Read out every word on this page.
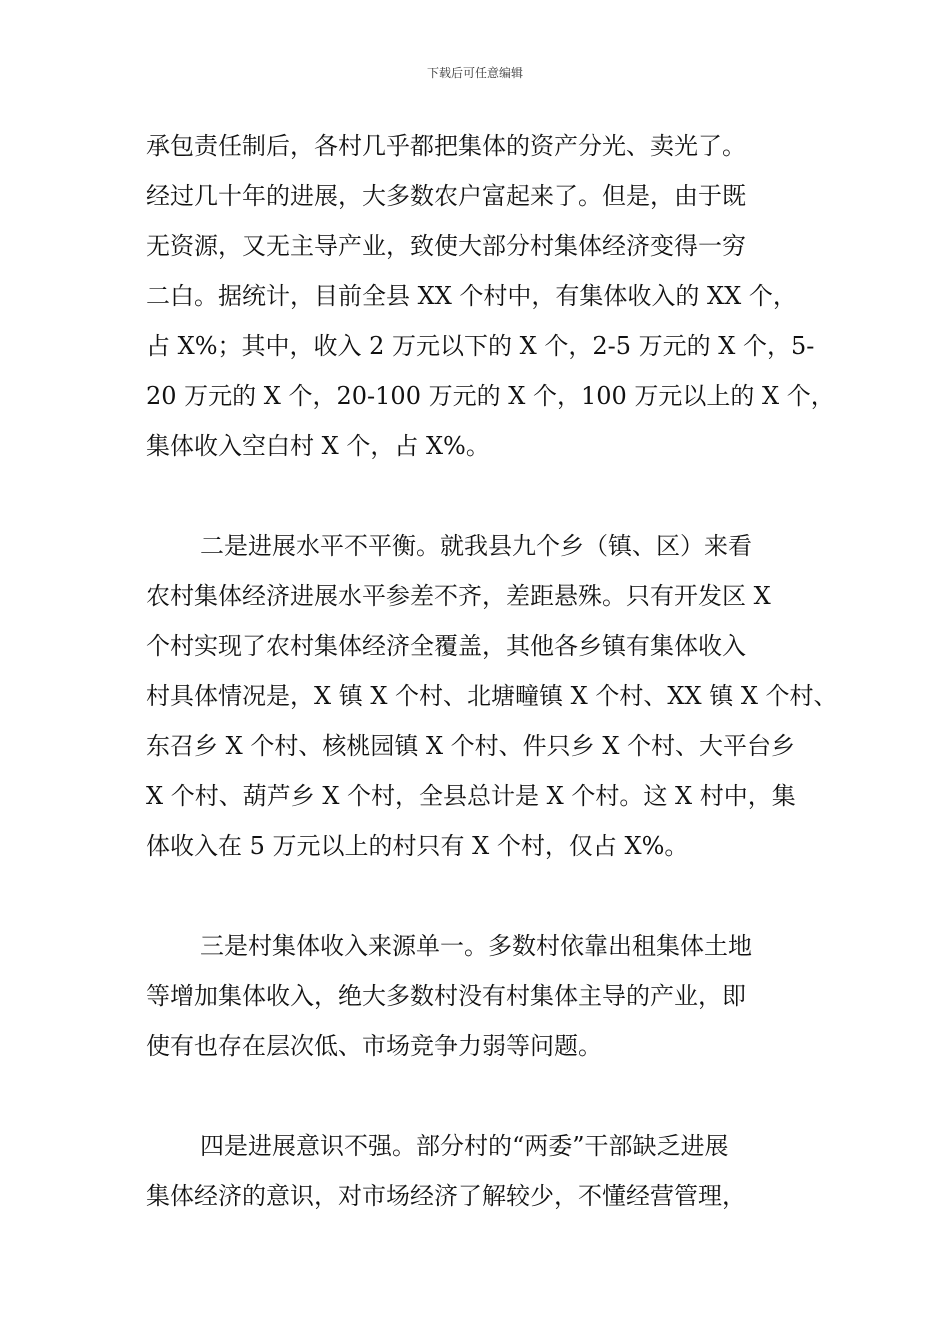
下载后可任意编辑
承包责任制后，各村几乎都把集体的资产分光、卖光了。
经过几十年的进展，大多数农户富起来了。但是，由于既
无资源，又无主导产业，致使大部分村集体经济变得一穷
二白。据统计，目前全县 XX 个村中，有集体收入的 XX 个，
占 X%；其中，收入 2 万元以下的 X 个，2-5 万元的 X 个，5-
20 万元的 X 个，20-100 万元的 X 个，100 万元以上的 X 个，
集体收入空白村 X 个，占 X%。
二是进展水平不平衡。就我县九个乡（镇、区）来看
农村集体经济进展水平参差不齐，差距悬殊。只有开发区 X
个村实现了农村集体经济全覆盖，其他各乡镇有集体收入
村具体情况是，X 镇 X 个村、北塘疃镇 X 个村、XX 镇 X 个村、
东召乡 X 个村、核桃园镇 X 个村、件只乡 X 个村、大平台乡
X 个村、葫芦乡 X 个村，全县总计是 X 个村。这 X 村中，集
体收入在 5 万元以上的村只有 X 个村，仅占 X%。
三是村集体收入来源单一。多数村依靠出租集体土地
等增加集体收入，绝大多数村没有村集体主导的产业，即
使有也存在层次低、市场竞争力弱等问题。
四是进展意识不强。部分村的“两委”干部缺乏进展
集体经济的意识，对市场经济了解较少，不懂经营管理，
